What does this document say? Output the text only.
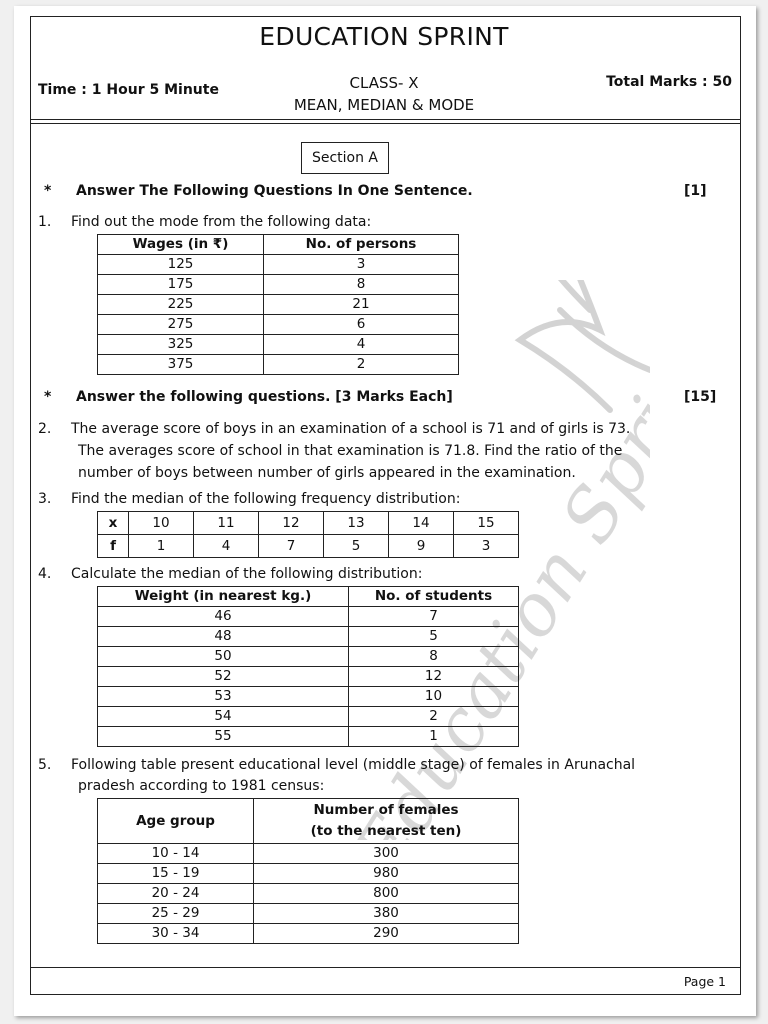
EDUCATION SPRINT
Time : 1 Hour 5 Minute	CLASS- X
MEAN, MEDIAN & MODE
Total Marks : 50
Section A
* Answer The Following Questions In One Sentence.	[1]
1. Find out the mode from the following data:
Wages (in ₹)	No. of persons
125	3
175	8
225	21
275	6
325	4
375	2
* Answer the following questions. [3 Marks Each]	[15]
2. The average score of boys in an examination of a school is 71 and of girls is 73.
The averages score of school in that examination is 71.8. Find the ratio of the
number of boys between number of girls appeared in the examination.
3. Find the median of the following frequency distribution:
x	10	11	12	13	14	15
f	1	4	7	5	9	3
4. Calculate the median of the following distribution:
Weight (in nearest kg.)	No. of students
46	7
48	5
50	8
52	12
53	10
54	2
55	1
5. Following table present educational level (middle stage) of females in Arunachal
pradesh according to 1981 census:
Age group	Number of females
(to the nearest ten)

10 - 14	300
15 - 19	980
20 - 24	800
25 - 29	380
30 - 34	290
Page 1
